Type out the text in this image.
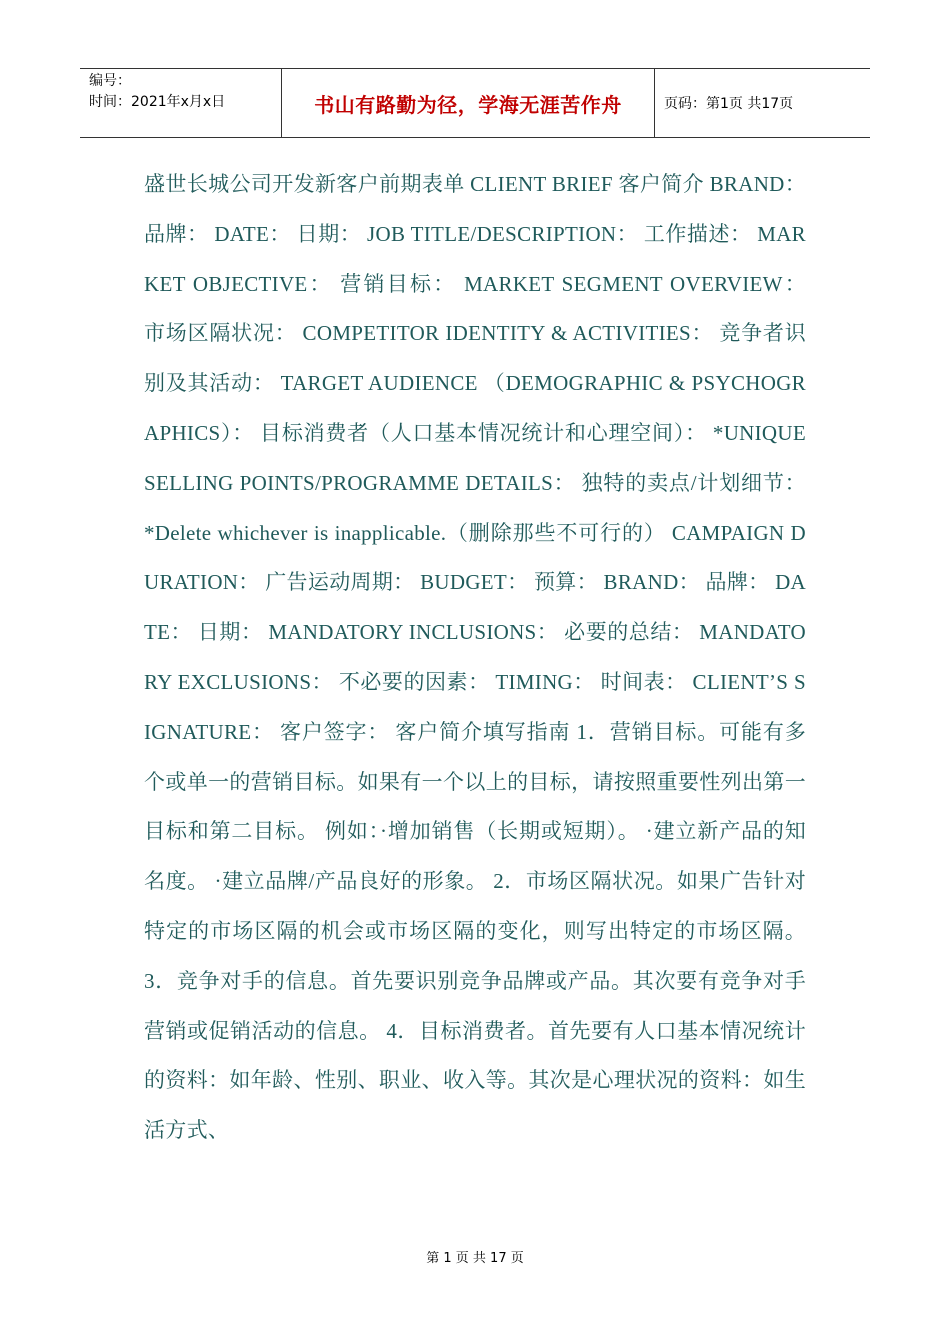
编号：
时间：2021年x月x日	书山有路勤为径，学海无涯苦作舟	页码：第1页 共17页
盛世长城公司开发新客户前期表单 CLIENT BRIEF 客户简介 BRAND： 品牌： DATE： 日期： JOB TITLE/DESCRIPTION： 工作描述： MARKET OBJECTIVE： 营销目标： MARKET SEGMENT OVERVIEW： 市场区隔状况： COMPETITOR IDENTITY & ACTIVITIES： 竞争者识别及其活动： TARGET AUDIENCE （DEMOGRAPHIC & PSYCHOGRAPHICS）： 目标消费者（人口基本情况统计和心理空间）： *UNIQUE SELLING POINTS/PROGRAMME DETAILS： 独特的卖点/计划细节： *Delete whichever is inapplicable.（删除那些不可行的） CAMPAIGN DURATION： 广告运动周期： BUDGET： 预算： BRAND： 品牌： DATE： 日期： MANDATORY INCLUSIONS： 必要的总结： MANDATORY EXCLUSIONS： 不必要的因素： TIMING： 时间表： CLIENT’S SIGNATURE： 客户签字： 客户简介填写指南 1．营销目标。可能有多个或单一的营销目标。如果有一个以上的目标，请按照重要性列出第一目标和第二目标。 例如：·增加销售（长期或短期）。 ·建立新产品的知名度。 ·建立品牌/产品良好的形象。 2．市场区隔状况。如果广告针对特定的市场区隔的机会或市场区隔的变化，则写出特定的市场区隔。 3．竞争对手的信息。首先要识别竞争品牌或产品。其次要有竞争对手营销或促销活动的信息。 4．目标消费者。首先要有人口基本情况统计的资料：如年龄、性别、职业、收入等。其次是心理状况的资料：如生活方式、
第 1 页 共 17 页
